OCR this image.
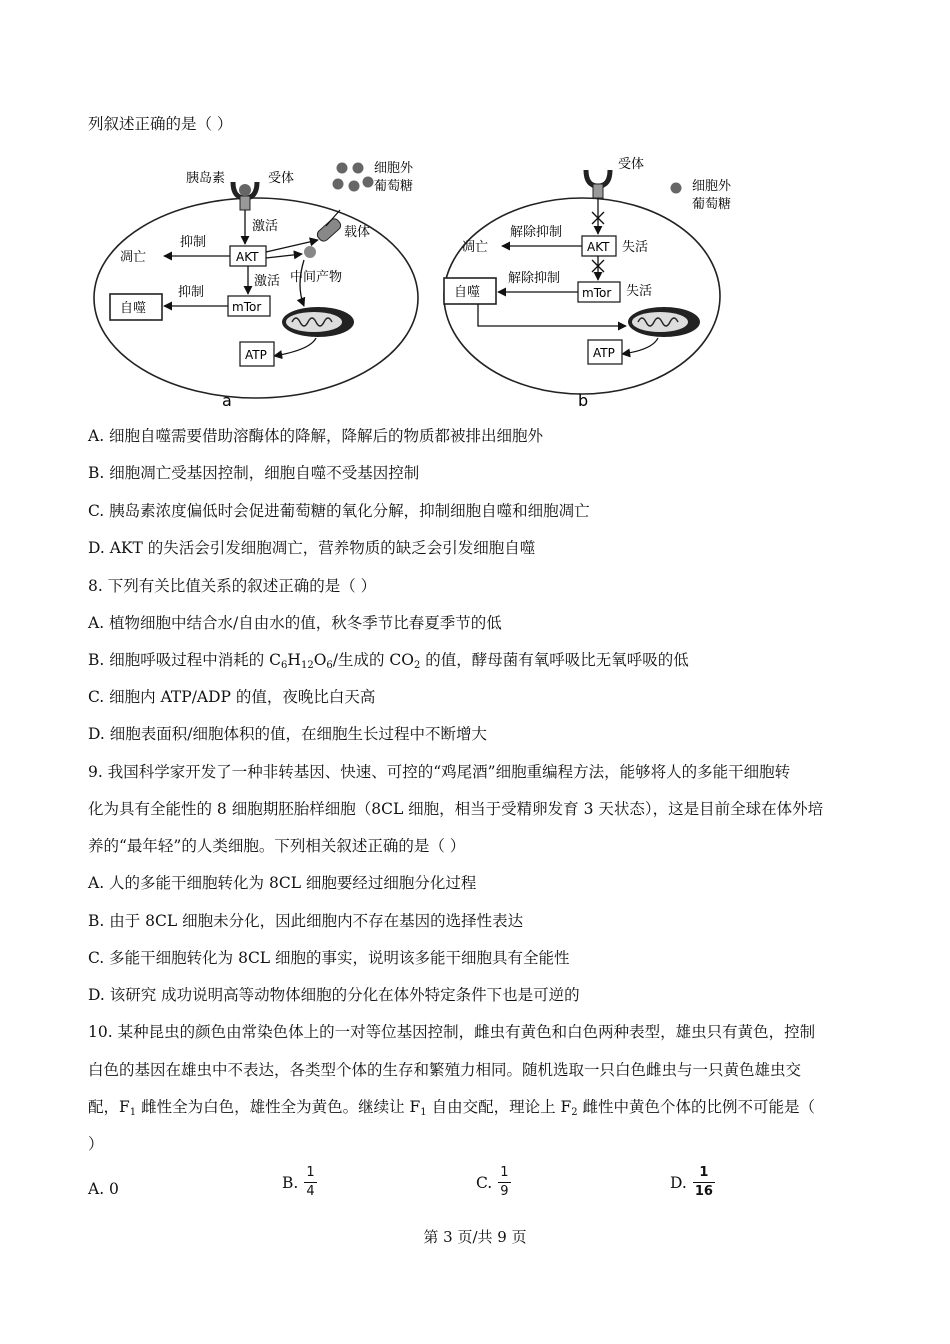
列叙述正确的是（ ）
胰岛素	受体
细胞外
葡萄糖
载体
激活
AKT
抑制
凋亡
中间产物
激活
mTor
抑制
自噬
ATP
a
受体
细胞外
葡萄糖
AKT 失活
解除抑制
凋亡
mTor 失活
解除抑制
自噬
ATP
b
A. 细胞自噬需要借助溶酶体的降解，降解后的物质都被排出细胞外
B. 细胞凋亡受基因控制，细胞自噬不受基因控制
C. 胰岛素浓度偏低时会促进葡萄糖的氧化分解，抑制细胞自噬和细胞凋亡
D. AKT 的失活会引发细胞凋亡，营养物质的缺乏会引发细胞自噬
8. 下列有关比值关系的叙述正确的是（ ）
A. 植物细胞中结合水/自由水的值，秋冬季节比春夏季节的低
B. 细胞呼吸过程中消耗的 $C_6H_{12}O_6/$生成的 $CO_2$ 的值，酵母菌有氧呼吸比无氧呼吸的低
C. 细胞内 ATP/ADP 的值，夜晚比白天高
D. 细胞表面积/细胞体积的值，在细胞生长过程中不断增大
9. 我国科学家开发了一种非转基因、快速、可控的“鸡尾酒”细胞重编程方法，能够将人的多能干细胞转
化为具有全能性的 8 细胞期胚胎样细胞（8CL 细胞，相当于受精卵发育 3 天状态），这是目前全球在体外培
养的“最年轻”的人类细胞。下列相关叙述正确的是（ ）
A. 人的多能干细胞转化为 8CL 细胞要经过细胞分化过程
B. 由于 8CL 细胞未分化，因此细胞内不存在基因的选择性表达
C. 多能干细胞转化为 8CL 细胞的事实，说明该多能干细胞具有全能性
D. 该研究 成功说明高等动物体细胞的分化在体外特定条件下也是可逆的
10. 某种昆虫的颜色由常染色体上的一对等位基因控制，雌虫有黄色和白色两种表型，雄虫只有黄色，控制
白色的基因在雄虫中不表达，各类型个体的生存和繁殖力相同。随机选取一只白色雌虫与一只黄色雄虫交
配，$F_1$ 雌性全为白色，雄性全为黄色。继续让 $F_1$ 自由交配，理论上 $F_2$ 雌性中黄色个体的比例不可能是（
）
A. 0	B. $\frac{1}{4}$	C. $\frac{1}{9}$	D. $\frac{1}{16}$
第 3 页/共 9 页
